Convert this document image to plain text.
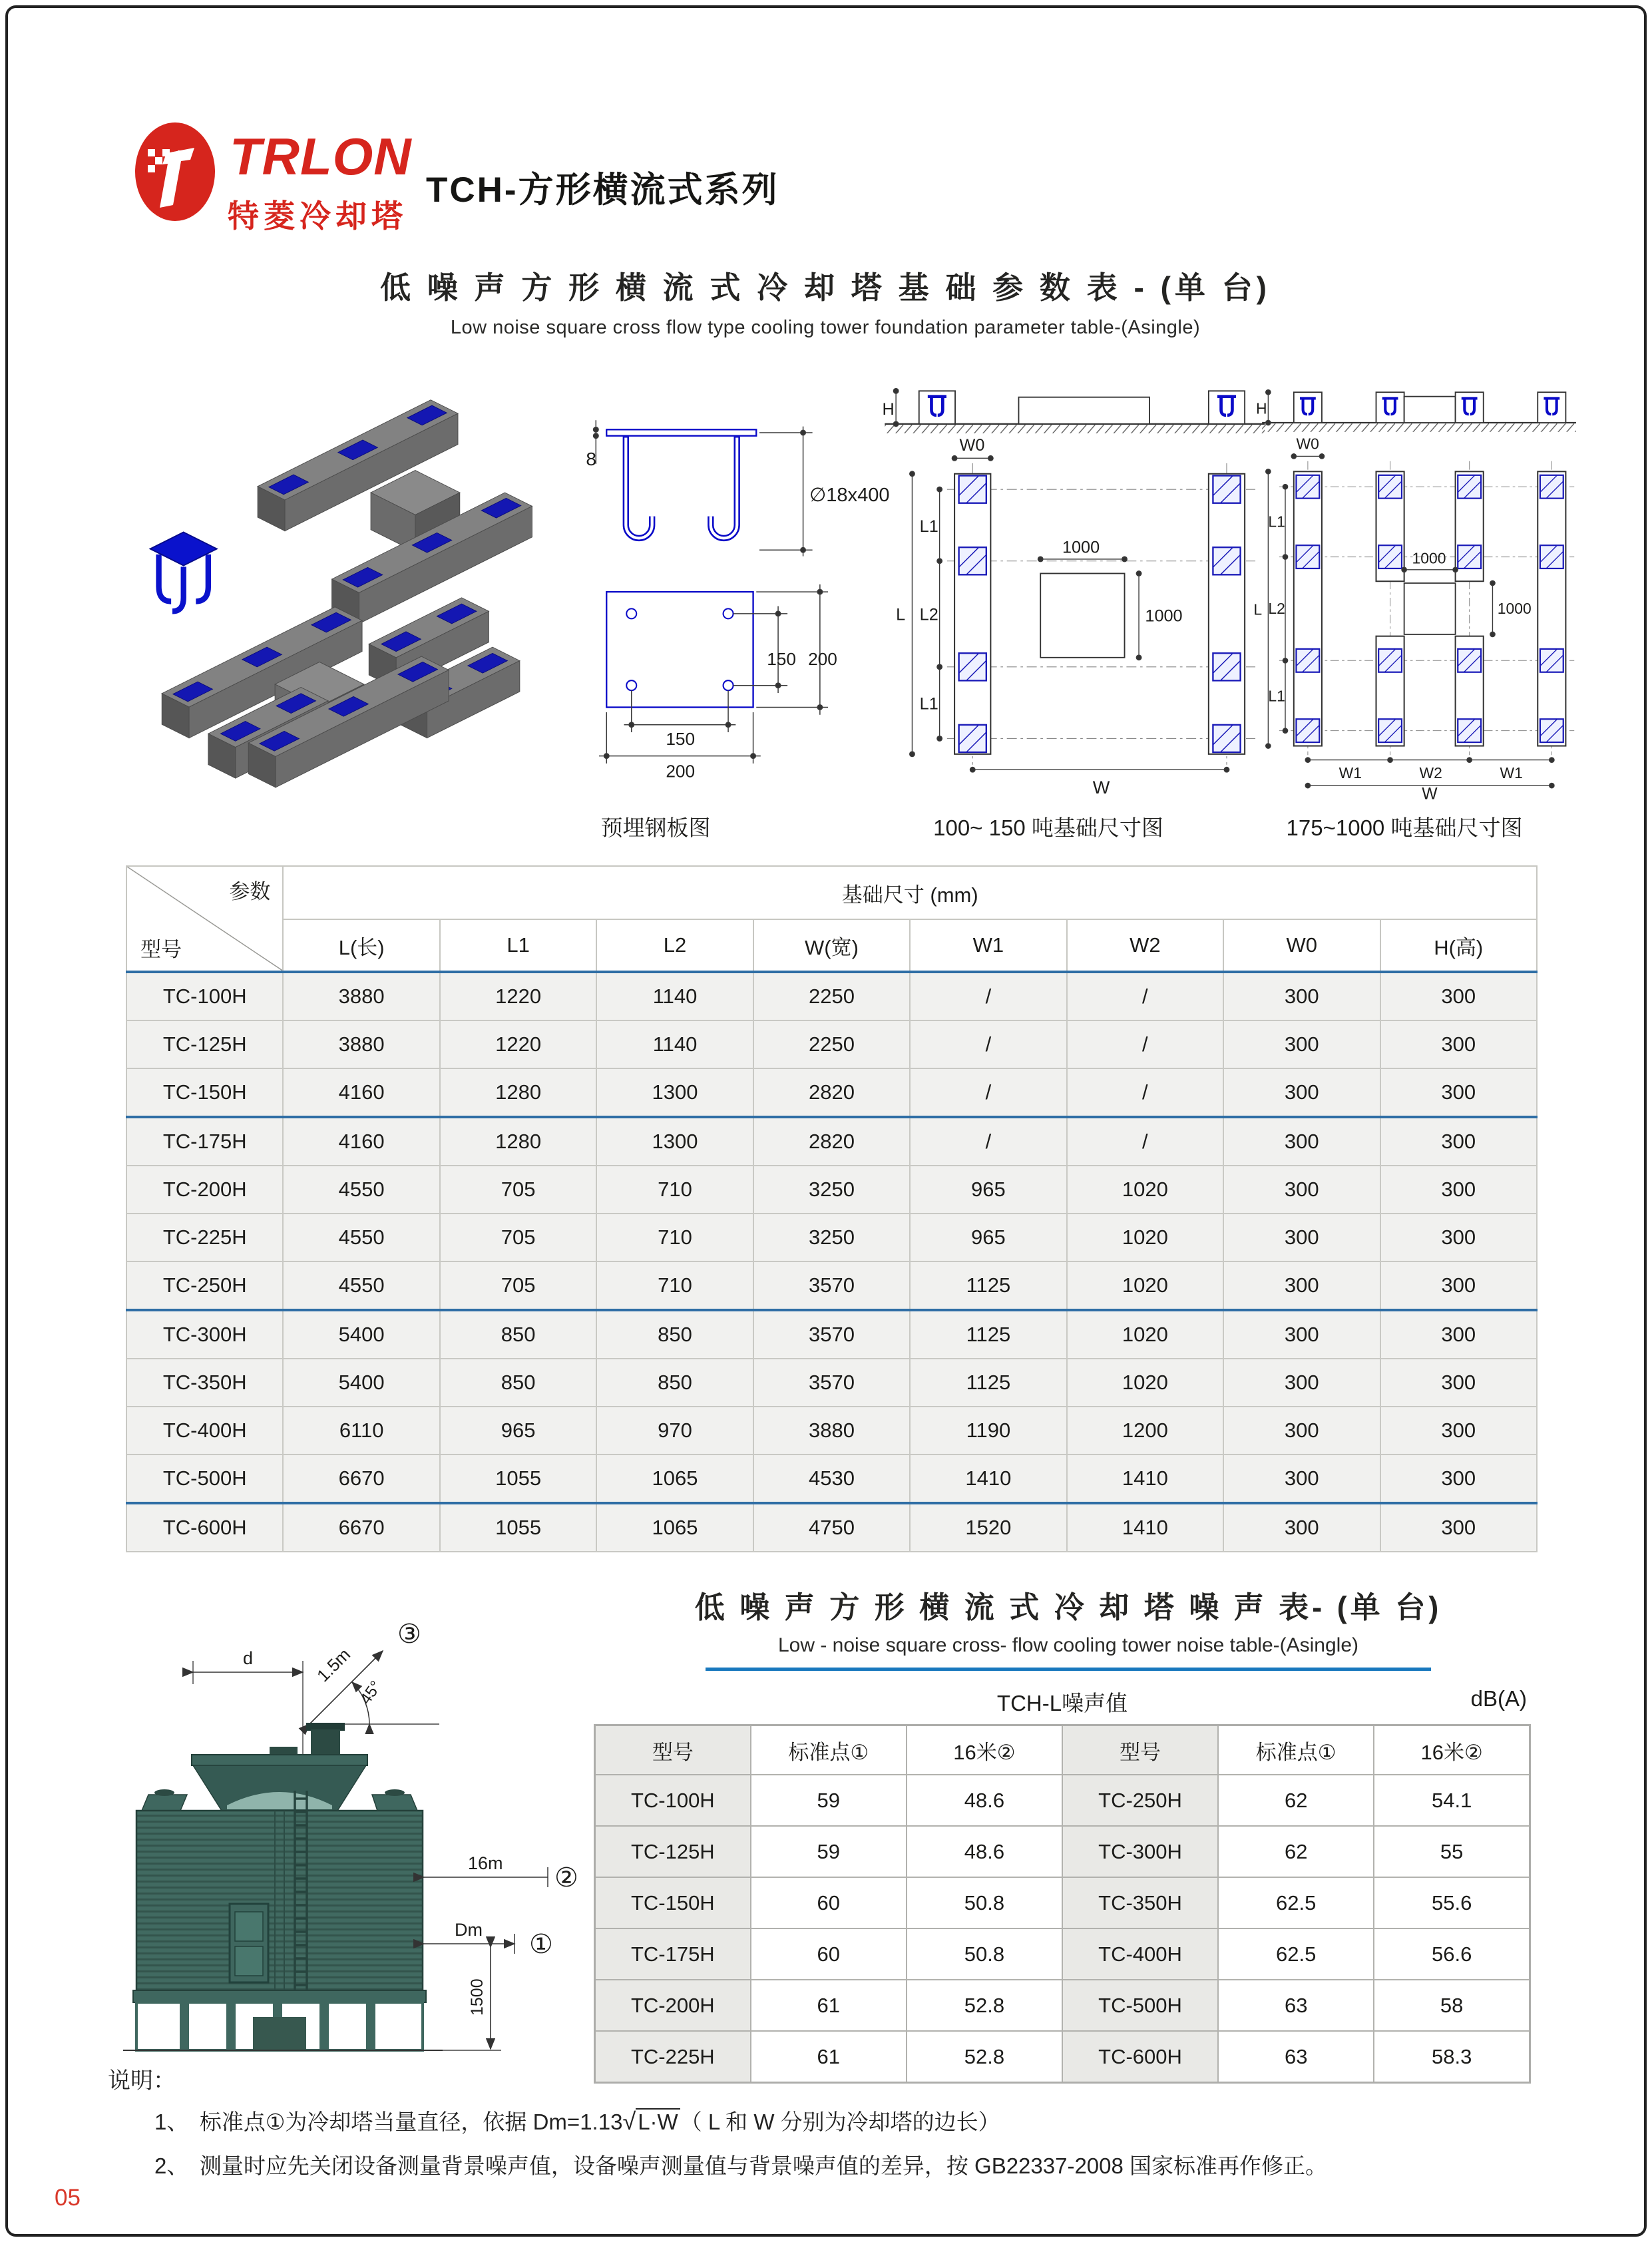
TRLON
特菱冷却塔
TCH-方形横流式系列
低 噪 声 方 形 横 流 式 冷 却 塔 基 础 参 数 表 - (单 台)
Low noise square cross flow type cooling tower foundation parameter table-(Asingle)
8
∅18x400
150 200
150
200
H
W0
L
L1
L2
L1
1000
1000
W
H
W0
L
L1
L2
L1
1000
1000
W1	W2	W1
W
预埋钢板图	100~ 150 吨基础尺寸图	175~1000 吨基础尺寸图
参数
型号	基础尺寸 (mm)							
	L(长)	L1	L2	W(宽)	W1	W2	W0	H(高)
TC-100H	3880	1220	1140	2250	/	/	300	300
TC-125H	3880	1220	1140	2250	/	/	300	300
TC-150H	4160	1280	1300	2820	/	/	300	300
TC-175H	4160	1280	1300	2820	/	/	300	300
TC-200H	4550	705	710	3250	965	1020	300	300
TC-225H	4550	705	710	3250	965	1020	300	300
TC-250H	4550	705	710	3570	1125	1020	300	300
TC-300H	5400	850	850	3570	1125	1020	300	300
TC-350H	5400	850	850	3570	1125	1020	300	300
TC-400H	6110	965	970	3880	1190	1200	300	300
TC-500H	6670	1055	1065	4530	1410	1410	300	300
TC-600H	6670	1055	1065	4750	1520	1410	300	300
低 噪 声 方 形 横 流 式 冷 却 塔 噪 声 表- (单 台)
Low - noise square cross- flow cooling tower noise table-(Asingle)
d	1.5m
45°
③
16m ②
Dm ①
1500
TCH-L噪声值	dB(A)
型号	标准点①	16米②	型号	标准点①	16米②
TC-100H	59	48.6	TC-250H	62	54.1
TC-125H	59	48.6	TC-300H	62	55
TC-150H	60	50.8	TC-350H	62.5	55.6
TC-175H	60	50.8	TC-400H	62.5	56.6
TC-200H	61	52.8	TC-500H	63	58
TC-225H	61	52.8	TC-600H	63	58.3
说明：
1、　标准点①为冷却塔当量直径，依据 Dm=1.13√L·W（ L 和 W 分别为冷却塔的边长）
2、　测量时应先关闭设备测量背景噪声值，设备噪声测量值与背景噪声值的差异，按 GB22337-2008 国家标准再作修正。
05
